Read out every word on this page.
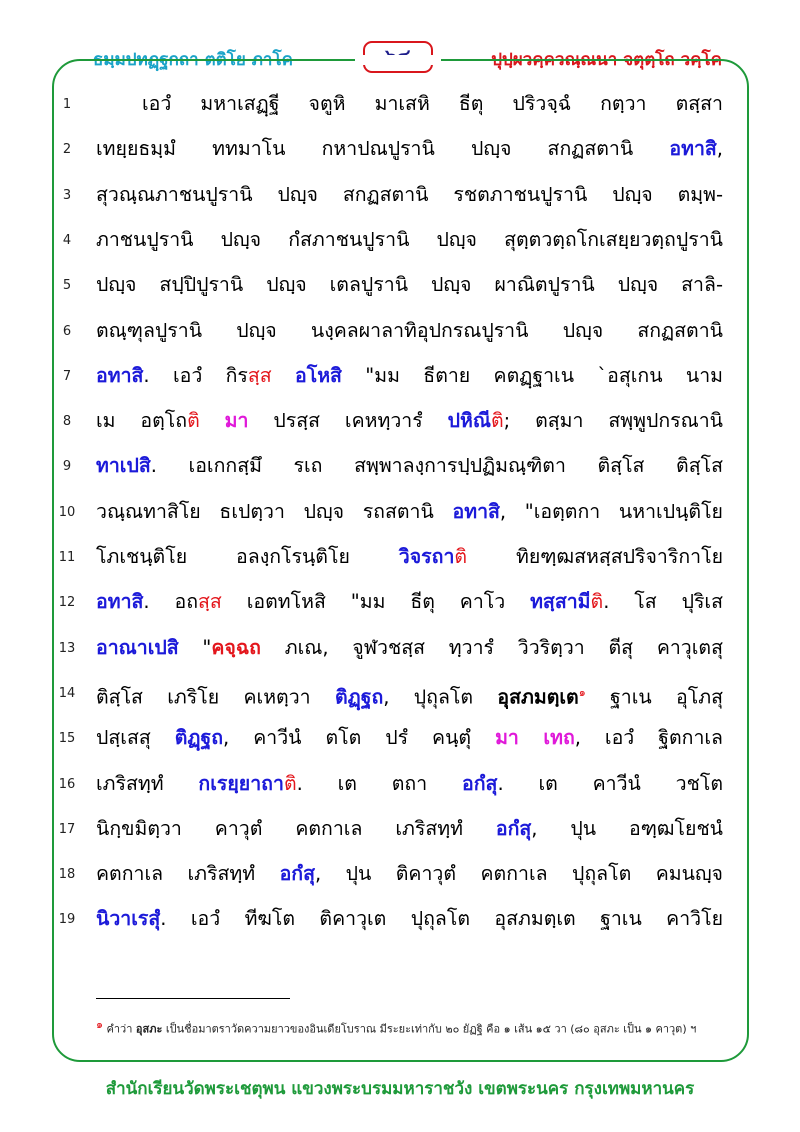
ธมฺมปทฏฺฐกถา ตติโย ภาโค	ปุปฺผวคฺควณฺณนา จตุตฺโถ วคฺโค
1	เอวํ มหาเสฏฺฐี จตูหิ มาเสหิ ธีตุ ปริวจฺฉํ กตฺวา ตสฺสา
2	เทยฺยธมฺมํ ททมาโน กหาปณปูรานิ ปญฺจ สกฏสตานิ อทาสิ,
3	สุวณฺณภาชนปูรานิ ปญฺจ สกฏสตานิ รชตภาชนปูรานิ ปญฺจ ตมฺพ-
4	ภาชนปูรานิ ปญฺจ กํสภาชนปูรานิ ปญฺจ สุตฺตวตฺถโกเสยฺยวตฺถปูรานิ
5	ปญฺจ สปฺปิปูรานิ ปญฺจ เตลปูรานิ ปญฺจ ผาณิตปูรานิ ปญฺจ สาลิ-
6	ตณฺฑุลปูรานิ ปญฺจ นงฺคลผาลาทิอุปกรณปูรานิ ปญฺจ สกฏสตานิ
7	อทาสิ. เอวํ กิรสฺส อโหสิ "มม ธีตาย คตฏฺฐาเน `อสุเกน นาม
8	เม อตฺโถติ มา ปรสฺส เคหทฺวารํ ปหิณีติ; ตสฺมา สพฺพูปกรณานิ
9	ทาเปสิ. เอเกกสฺมึ รเถ สพฺพาลงฺการปฺปฏิมณฺฑิตา ติสฺโส ติสฺโส
10	วณฺณทาสิโย ธเปตฺวา ปญฺจ รถสตานิ อทาสิ, "เอตฺตกา นหาเปนฺติโย
11	โภเชนฺติโย อลงฺกโรนฺติโย วิจรถาติ ทิยฑฺฒสหสฺสปริจาริกาโย
12	อทาสิ. อถสฺส เอตทโหสิ "มม ธีตุ คาโว ทสฺสามีติ. โส ปุริเส
13	อาณาเปสิ "คจฺฉถ ภเณ, จูฬวชสฺส ทฺวารํ วิวริตฺวา ตีสุ คาวุเตสุ
14	ติสฺโส เภริโย คเหตฺวา ติฏฺฐถ, ปุถุลโต อุสภมตฺเต$^๑$ ฐาเน อุโภสุ
15	ปสฺเสสุ ติฏฺฐถ, คาวีนํ ตโต ปรํ คนฺตุํ มา เทถ, เอวํ ฐิตกาเล
16	เภริสทฺทํ กเรยฺยาถาติ. เต ตถา อกํสุ. เต คาวีนํ วชโต
17	นิกฺขมิตฺวา คาวุตํ คตกาเล เภริสทฺทํ อกํสุ, ปุน อฑฺฒโยชนํ
18	คตกาเล เภริสทฺทํ อกํสุ, ปุน ติคาวุตํ คตกาเล ปุถุลโต คมนญฺจ
19	นิวาเรสุํ. เอวํ ทีฆโต ติคาวุเต ปุถุลโต อุสภมตฺเต ฐาเน คาวิโย
$^๑$ คำว่า อุสภะ เป็นชื่อมาตราวัดความยาวของอินเดียโบราณ มีระยะเท่ากับ ๒๐ ยัฏฐิ คือ ๑ เส้น ๑๕ วา (๘๐ อุสภะ เป็น ๑ คาวุต) ฯ
สำนักเรียนวัดพระเชตุพน แขวงพระบรมมหาราชวัง เขตพระนคร กรุงเทพมหานคร
